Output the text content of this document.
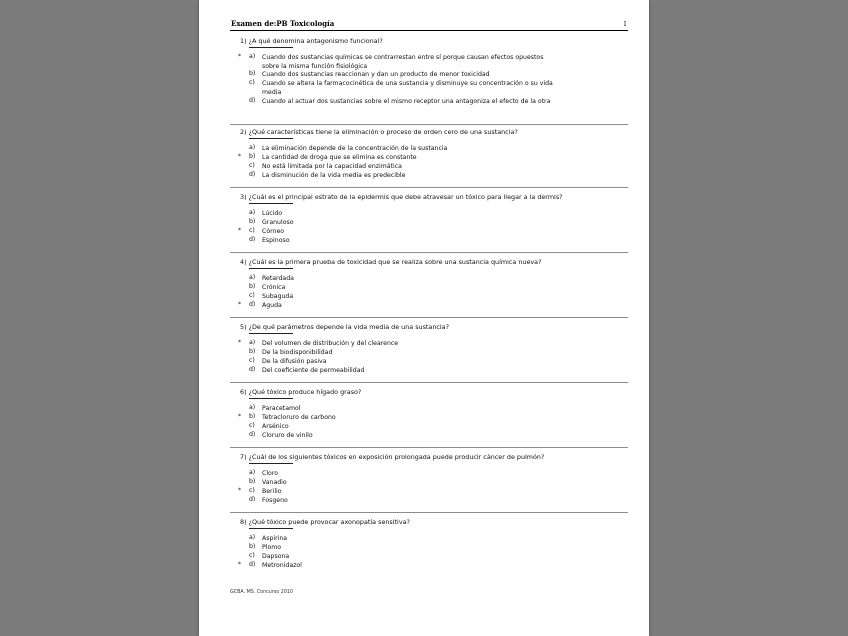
Examen de:PB Toxicología	1
1) ¿A qué denomina antagonismo funcional?
* a) Cuando dos sustancias químicas se contrarrestan entre sí porque causan efectos opuestos sobre la misma función fisiológica
b) Cuando dos sustancias reaccionan y dan un producto de menor toxicidad
c) Cuando se altera la farmacocinética de una sustancia y disminuye su concentración o su vida media
d) Cuando al actuar dos sustancias sobre el mismo receptor una antagoniza el efecto de la otra
2) ¿Qué características tiene la eliminación o proceso de orden cero de una sustancia?
a) La eliminación depende de la concentración de la sustancia
* b) La cantidad de droga que se elimina es constante
c) No está limitada por la capacidad enzimática
d) La disminución de la vida media es predecible
3) ¿Cuál es el principal estrato de la epidermis que debe atravesar un tóxico para llegar a la dermis?
a) Lúcido
b) Granuloso
* c) Córneo
d) Espinoso
4) ¿Cuál es la primera prueba de toxicidad que se realiza sobre una sustancia química nueva?
a) Retardada
b) Crónica
c) Subaguda
* d) Aguda
5) ¿De qué parámetros depende la vida media de una sustancia?
* a) Del volumen de distribución y del clearence
b) De la biodisponibilidad
c) De la difusión pasiva
d) Del coeficiente de permeabilidad
6) ¿Qué tóxico produce hígado graso?
a) Paracetamol
* b) Tetracloruro de carbono
c) Arsénico
d) Cloruro de vinilo
7) ¿Cuál de los siguientes tóxicos en exposición prolongada puede producir cáncer de pulmón?
a) Cloro
b) Vanadio
* c) Berilio
d) Fosgeno
8) ¿Qué tóxico puede provocar axonopatía sensitiva?
a) Aspirina
b) Plomo
c) Dapsona
* d) Metronidazol
GCBA. MS. Concurso 2010
